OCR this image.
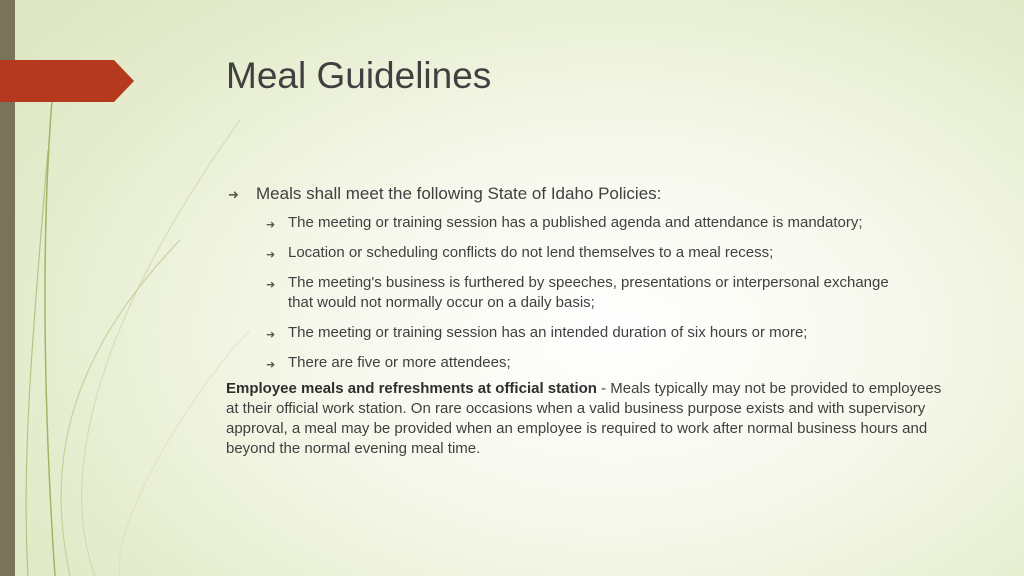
Meal Guidelines
➜ Meals shall meet the following State of Idaho Policies:
➜ The meeting or training session has a published agenda and attendance is mandatory;
➜ Location or scheduling conflicts do not lend themselves to a meal recess;
➜ The meeting's business is furthered by speeches, presentations or interpersonal exchange that would not normally occur on a daily basis;
➜ The meeting or training session has an intended duration of six hours or more;
➜ There are five or more attendees;

Employee meals and refreshments at official station - Meals typically may not be provided to employees at their official work station. On rare occasions when a valid business purpose exists and with supervisory approval, a meal may be provided when an employee is required to work after normal business hours and beyond the normal evening meal time.
